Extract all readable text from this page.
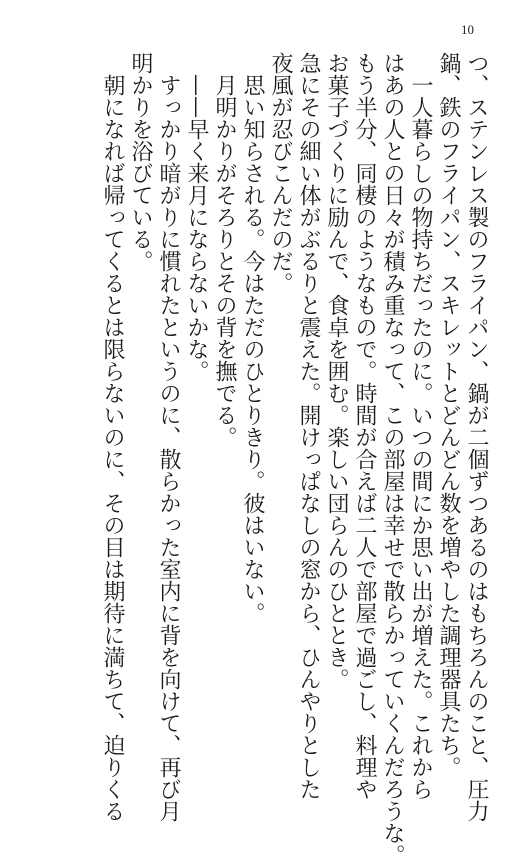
10
つ、ステンレス製のフライパン、鍋が二個ずつあるのはもちろんのこと、圧力
鍋、鉄のフライパン、スキレットとどんどん数を増やした調理器具たち。
　一人暮らしの物持ちだったのに。いつの間にか思い出が増えた。これから
はあの人との日々が積み重なって、この部屋は幸せで散らかっていくんだろうな。
もう半分、同棲のようなもので。時間が合えば二人で部屋で過ごし、料理や
お菓子づくりに励んで、食卓を囲む。楽しい団らんのひととき。
急にその細い体がぶるりと震えた。開けっぱなしの窓から、ひんやりとした
夜風が忍びこんだのだ。
　思い知らされる。今はただのひとりきり。彼はいない。
　月明かりがそろりとその背を撫でる。
　——早く来月にならないかな。
　すっかり暗がりに慣れたというのに、散らかった室内に背を向けて、再び月
明かりを浴びている。
　朝になれば帰ってくるとは限らないのに、その目は期待に満ちて、迫りくる
